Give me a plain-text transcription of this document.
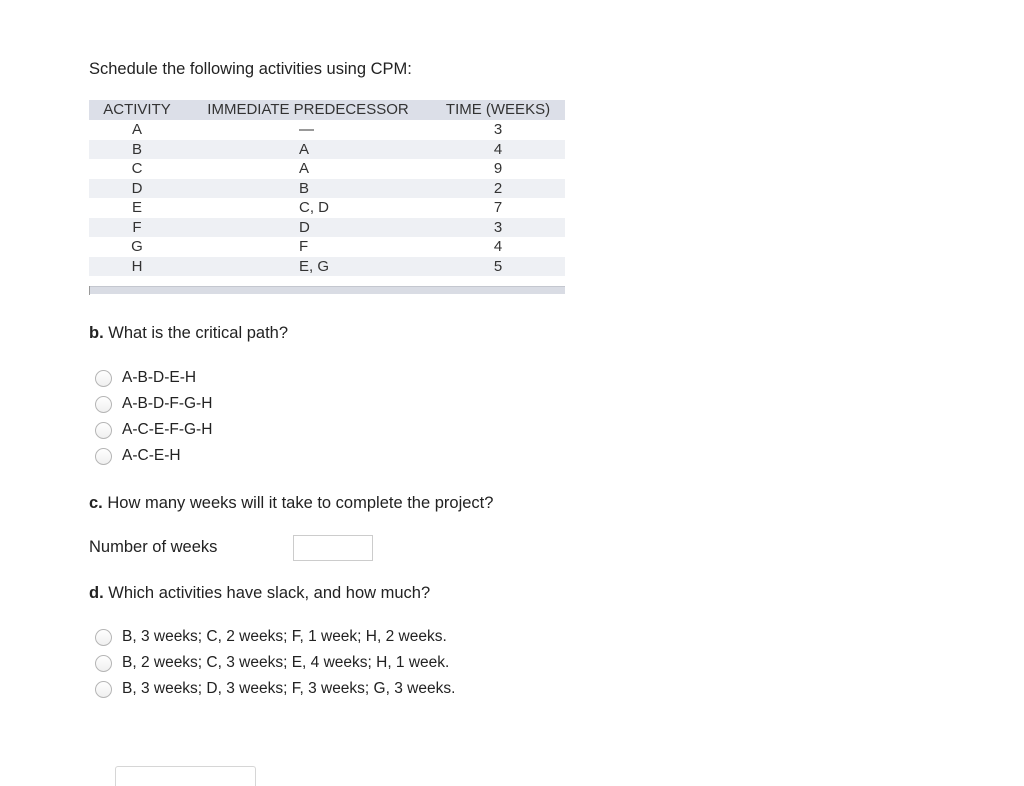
Schedule the following activities using CPM:
ACTIVITY	IMMEDIATE PREDECESSOR	TIME (WEEKS)
A	—	3
B	A	4
C	A	9
D	B	2
E	C, D	7
F	D	3
G	F	4
H	E, G	5
b. What is the critical path?
A-B-D-E-H
A-B-D-F-G-H
A-C-E-F-G-H
A-C-E-H
c. How many weeks will it take to complete the project?
Number of weeks
d. Which activities have slack, and how much?
B, 3 weeks; C, 2 weeks; F, 1 week; H, 2 weeks.
B, 2 weeks; C, 3 weeks; E, 4 weeks; H, 1 week.
B, 3 weeks; D, 3 weeks; F, 3 weeks; G, 3 weeks.
